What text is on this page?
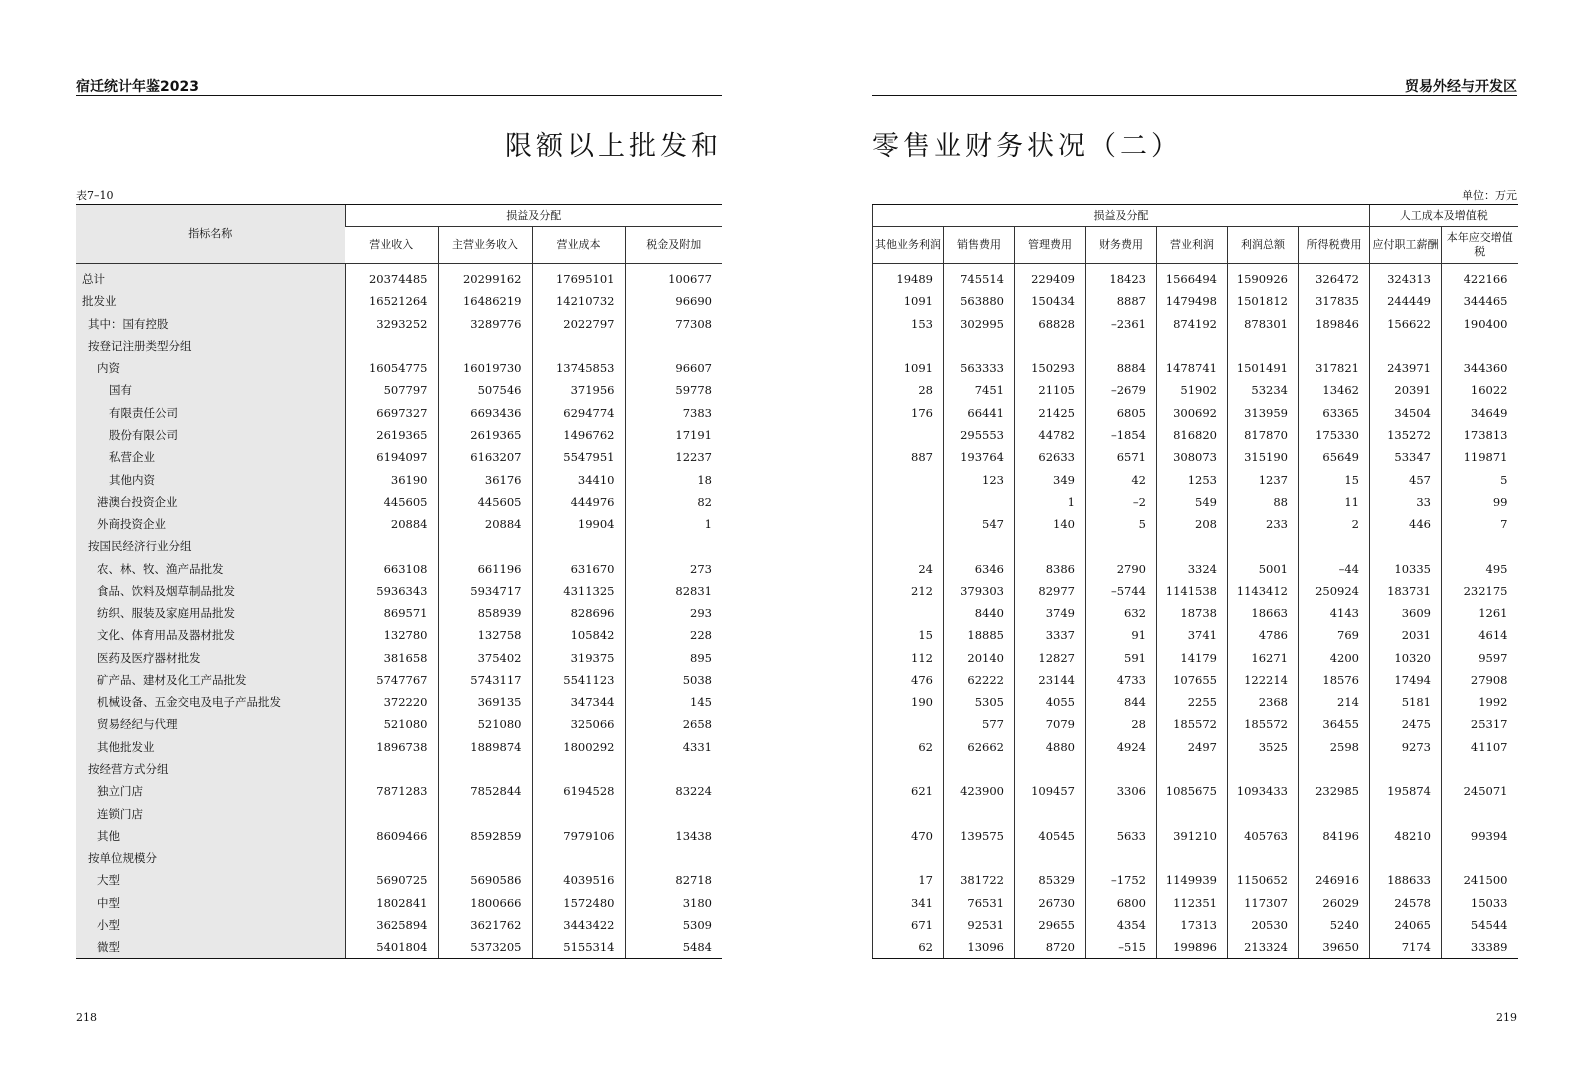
宿迁统计年鉴2023
限额以上批发和
表7–10
指标名称	损益及分配			
	营业收入	主营业务收入	营业成本	税金及附加
总计	20374485	20299162	17695101	100677
批发业	16521264	16486219	14210732	96690
其中：国有控股	3293252	3289776	2022797	77308
按登记注册类型分组				
内资	16054775	16019730	13745853	96607
国有	507797	507546	371956	59778
有限责任公司	6697327	6693436	6294774	7383
股份有限公司	2619365	2619365	1496762	17191
私营企业	6194097	6163207	5547951	12237
其他内资	36190	36176	34410	18
港澳台投资企业	445605	445605	444976	82
外商投资企业	20884	20884	19904	1
按国民经济行业分组				
农、林、牧、渔产品批发	663108	661196	631670	273
食品、饮料及烟草制品批发	5936343	5934717	4311325	82831
纺织、服装及家庭用品批发	869571	858939	828696	293
文化、体育用品及器材批发	132780	132758	105842	228
医药及医疗器材批发	381658	375402	319375	895
矿产品、建材及化工产品批发	5747767	5743117	5541123	5038
机械设备、五金交电及电子产品批发	372220	369135	347344	145
贸易经纪与代理	521080	521080	325066	2658
其他批发业	1896738	1889874	1800292	4331
按经营方式分组				
独立门店	7871283	7852844	6194528	83224
连锁门店				
其他	8609466	8592859	7979106	13438
按单位规模分				
大型	5690725	5690586	4039516	82718
中型	1802841	1800666	1572480	3180
小型	3625894	3621762	3443422	5309
微型	5401804	5373205	5155314	5484
218
贸易外经与开发区
零售业财务状况（二）
单位：万元
损益及分配							人工成本及增值税	
其他业务利润	销售费用	管理费用	财务费用	营业利润	利润总额	所得税费用	应付职工薪酬	本年应交增值税
19489	745514	229409	18423	1566494	1590926	326472	324313	422166
1091	563880	150434	8887	1479498	1501812	317835	244449	344465
153	302995	68828	–2361	874192	878301	189846	156622	190400

1091	563333	150293	8884	1478741	1501491	317821	243971	344360
28	7451	21105	–2679	51902	53234	13462	20391	16022
176	66441	21425	6805	300692	313959	63365	34504	34649
	295553	44782	–1854	816820	817870	175330	135272	173813
887	193764	62633	6571	308073	315190	65649	53347	119871
	123	349	42	1253	1237	15	457	5
		1	–2	549	88	11	33	99
	547	140	5	208	233	2	446	7

24	6346	8386	2790	3324	5001	–44	10335	495
212	379303	82977	–5744	1141538	1143412	250924	183731	232175
	8440	3749	632	18738	18663	4143	3609	1261
15	18885	3337	91	3741	4786	769	2031	4614
112	20140	12827	591	14179	16271	4200	10320	9597
476	62222	23144	4733	107655	122214	18576	17494	27908
190	5305	4055	844	2255	2368	214	5181	1992
	577	7079	28	185572	185572	36455	2475	25317
62	62662	4880	4924	2497	3525	2598	9273	41107

621	423900	109457	3306	1085675	1093433	232985	195874	245071

470	139575	40545	5633	391210	405763	84196	48210	99394

17	381722	85329	–1752	1149939	1150652	246916	188633	241500
341	76531	26730	6800	112351	117307	26029	24578	15033
671	92531	29655	4354	17313	20530	5240	24065	54544
62	13096	8720	–515	199896	213324	39650	7174	33389
219
